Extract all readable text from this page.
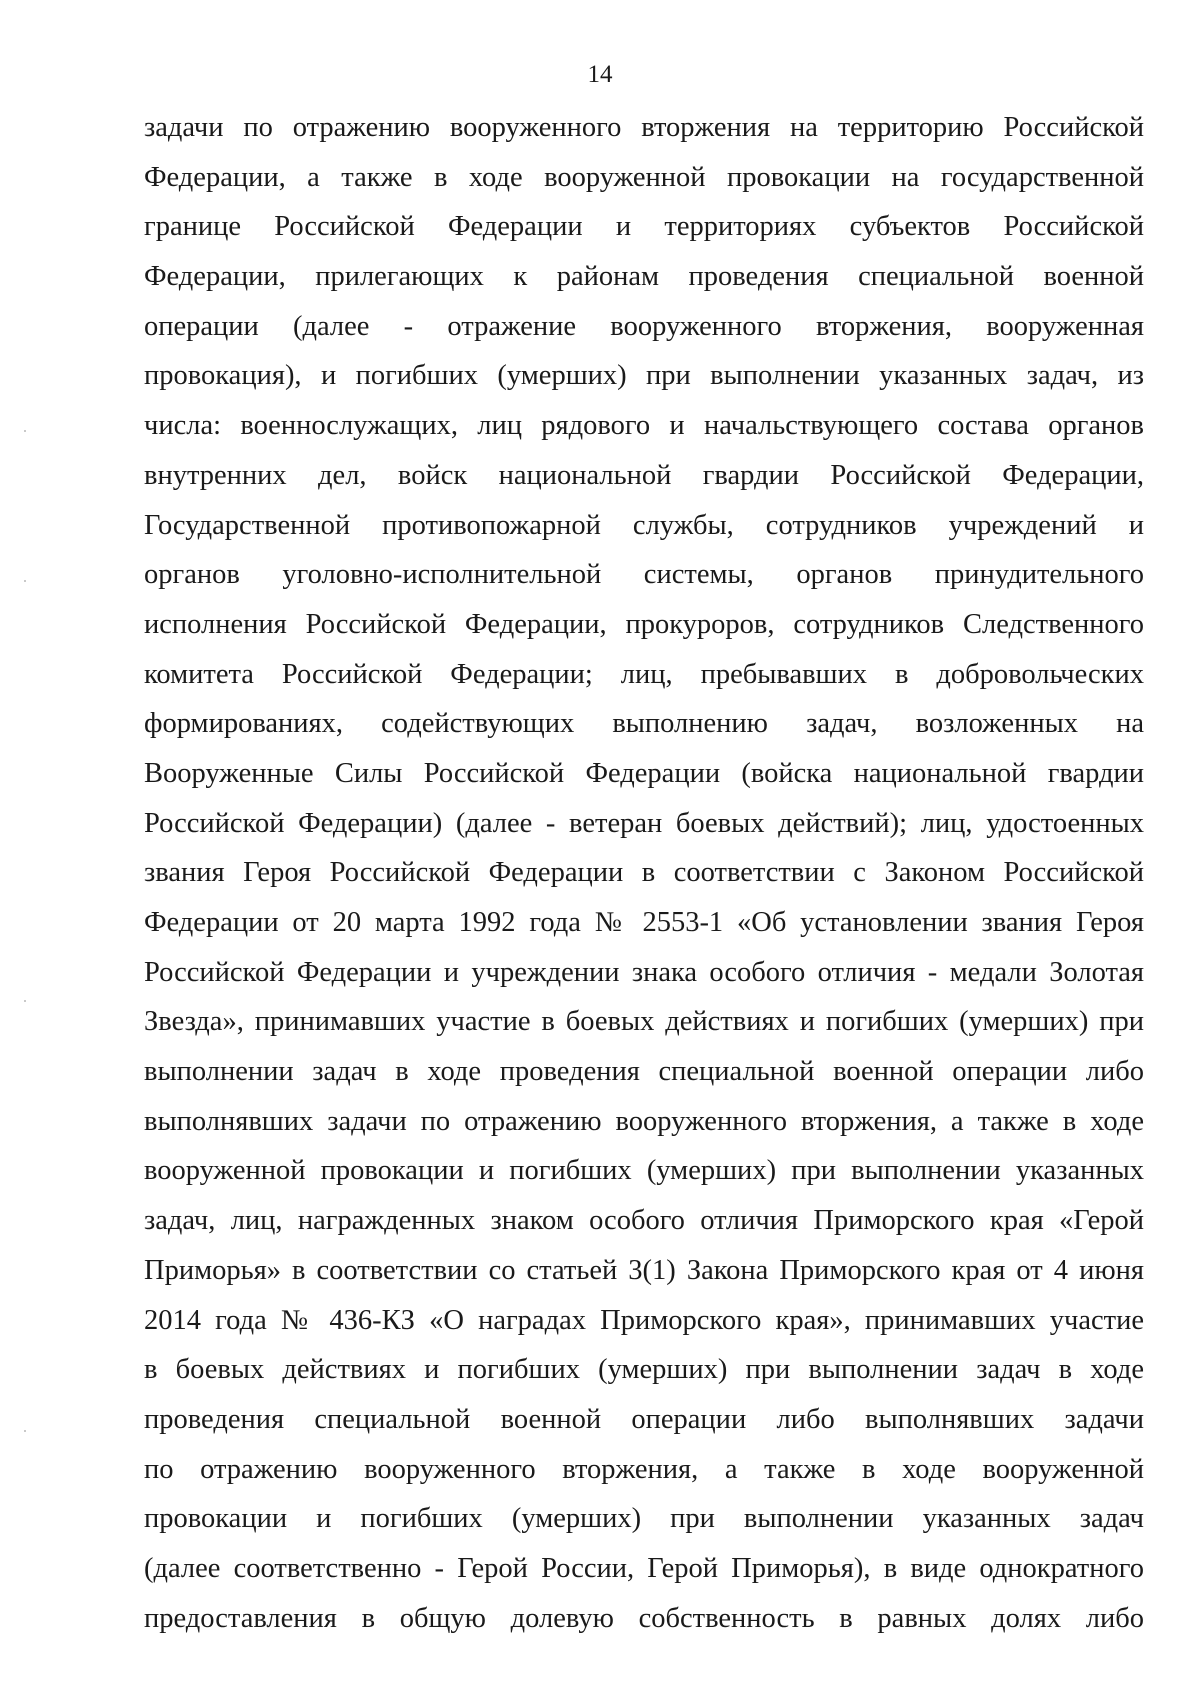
14
задачи по отражению вооруженного вторжения на территорию Российской
Федерации, а также в ходе вооруженной провокации на государственной
границе Российской Федерации и территориях субъектов Российской
Федерации, прилегающих к районам проведения специальной военной
операции (далее - отражение вооруженного вторжения, вооруженная
провокация), и погибших (умерших) при выполнении указанных задач, из
числа: военнослужащих, лиц рядового и начальствующего состава органов
внутренних дел, войск национальной гвардии Российской Федерации,
Государственной противопожарной службы, сотрудников учреждений и
органов уголовно-исполнительной системы, органов принудительного
исполнения Российской Федерации, прокуроров, сотрудников Следственного
комитета Российской Федерации; лиц, пребывавших в добровольческих
формированиях, содействующих выполнению задач, возложенных на
Вооруженные Силы Российской Федерации (войска национальной гвардии
Российской Федерации) (далее - ветеран боевых действий); лиц, удостоенных
звания Героя Российской Федерации в соответствии с Законом Российской
Федерации от 20 марта 1992 года № 2553-1 «Об установлении звания Героя
Российской Федерации и учреждении знака особого отличия - медали Золотая
Звезда», принимавших участие в боевых действиях и погибших (умерших) при
выполнении задач в ходе проведения специальной военной операции либо
выполнявших задачи по отражению вооруженного вторжения, а также в ходе
вооруженной провокации и погибших (умерших) при выполнении указанных
задач, лиц, награжденных знаком особого отличия Приморского края «Герой
Приморья» в соответствии со статьей 3(1) Закона Приморского края от 4 июня
2014 года № 436-КЗ «О наградах Приморского края», принимавших участие
в боевых действиях и погибших (умерших) при выполнении задач в ходе
проведения специальной военной операции либо выполнявших задачи
по отражению вооруженного вторжения, а также в ходе вооруженной
провокации и погибших (умерших) при выполнении указанных задач
(далее соответственно - Герой России, Герой Приморья), в виде однократного
предоставления в общую долевую собственность в равных долях либо
